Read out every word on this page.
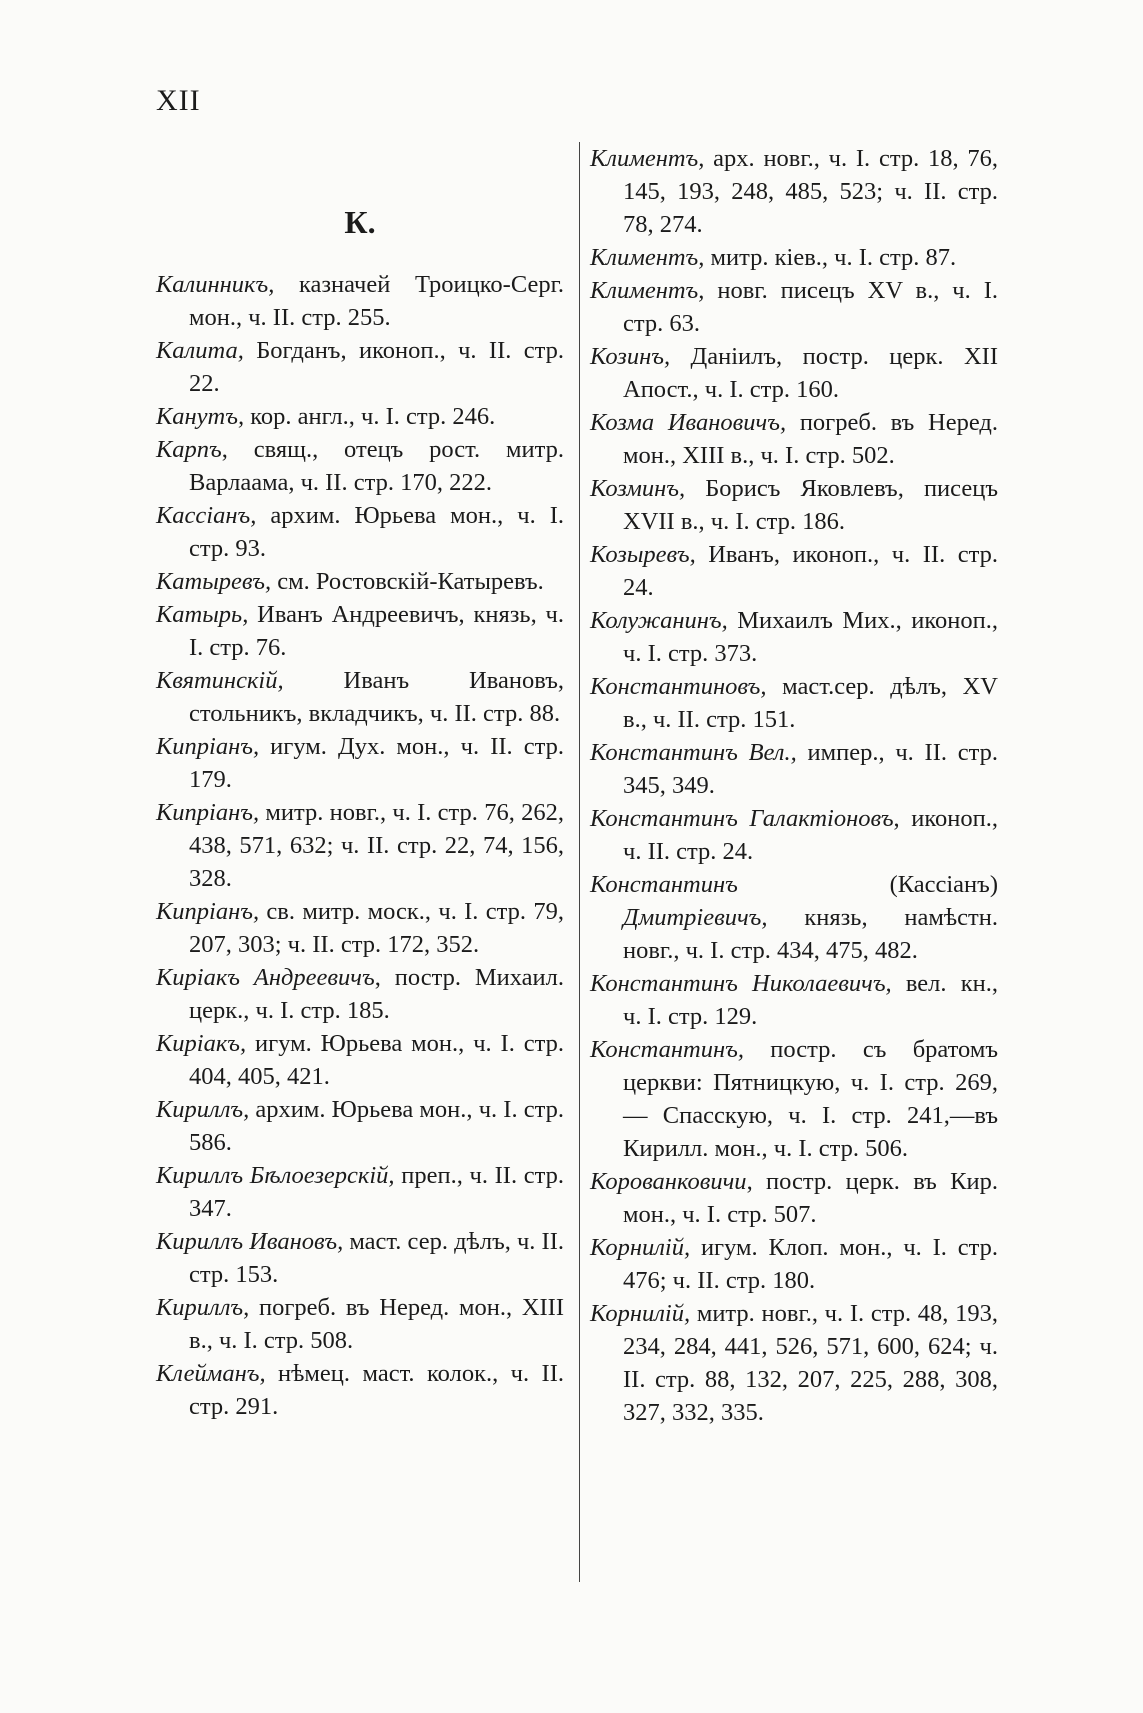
XII
К.

Калинникъ, казначей Троицко-Серг. мон., ч. II. стр. 255.

Калита, Богданъ, иконоп., ч. II. стр. 22.

Канутъ, кор. англ., ч. I. стр. 246.

Карпъ, свящ., отецъ рост. митр. Варлаама, ч. II. стр. 170, 222.

Кассіанъ, архим. Юрьева мон., ч. I. стр. 93.

Катыревъ, см. Ростовскій-Катыревъ.

Катырь, Иванъ Андреевичъ, князь, ч. I. стр. 76.

Квятинскій, Иванъ Ивановъ, стольникъ, вкладчикъ, ч. II. стр. 88.

Кипріанъ, игум. Дух. мон., ч. II. стр. 179.

Кипріанъ, митр. новг., ч. I. стр. 76, 262, 438, 571, 632; ч. II. стр. 22, 74, 156, 328.

Кипріанъ, св. митр. моск., ч. I. стр. 79, 207, 303; ч. II. стр. 172, 352.

Киріакъ Андреевичъ, постр. Михаил. церк., ч. I. стр. 185.

Киріакъ, игум. Юрьева мон., ч. I. стр. 404, 405, 421.

Кириллъ, архим. Юрьева мон., ч. I. стр. 586.

Кириллъ Бѣлоезерскій, преп., ч. II. стр. 347.

Кириллъ Ивановъ, маст. сер. дѣлъ, ч. II. стр. 153.

Кириллъ, погреб. въ Неред. мон., XIII в., ч. I. стр. 508.

Клейманъ, нѣмец. маст. колок., ч. II. стр. 291.

Климентъ, арх. новг., ч. I. стр. 18, 76, 145, 193, 248, 485, 523; ч. II. стр. 78, 274.

Климентъ, митр. кіев., ч. I. стр. 87.

Климентъ, новг. писецъ XV в., ч. I. стр. 63.

Козинъ, Даніилъ, постр. церк. XII Апост., ч. I. стр. 160.

Козма Ивановичъ, погреб. въ Неред. мон., XIII в., ч. I. стр. 502.

Козминъ, Борисъ Яковлевъ, писецъ XVII в., ч. I. стр. 186.

Козыревъ, Иванъ, иконоп., ч. II. стр. 24.

Колужанинъ, Михаилъ Мих., иконоп., ч. I. стр. 373.

Константиновъ, маст.сер. дѣлъ, XV в., ч. II. стр. 151.

Константинъ Вел., импер., ч. II. стр. 345, 349.

Константинъ Галактіоновъ, иконоп., ч. II. стр. 24.

Константинъ (Кассіанъ) Дмитріевичъ, князь, намѣстн. новг., ч. I. стр. 434, 475, 482.

Константинъ Николаевичъ, вел. кн., ч. I. стр. 129.

Константинъ, постр. съ братомъ церкви: Пятницкую, ч. I. стр. 269, — Спасскую, ч. I. стр. 241,—въ Кирилл. мон., ч. I. стр. 506.

Корованковичи, постр. церк. въ Кир. мон., ч. I. стр. 507.

Корнилій, игум. Клоп. мон., ч. I. стр. 476; ч. II. стр. 180.

Корнилій, митр. новг., ч. I. стр. 48, 193, 234, 284, 441, 526, 571, 600, 624; ч. II. стр. 88, 132, 207, 225, 288, 308, 327, 332, 335.
